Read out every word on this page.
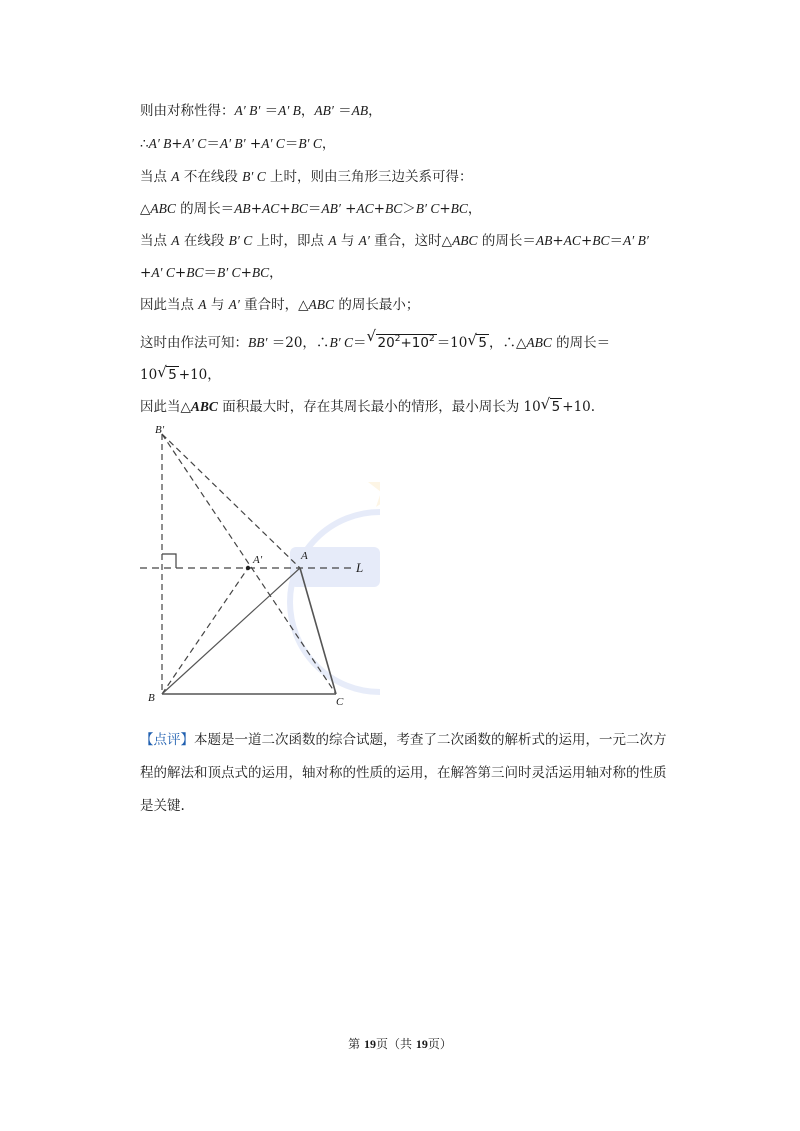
则由对称性得：A′ B′ ＝A′ B，AB′ ＝AB，
∴A′ B+A′ C＝A′ B′ +A′ C＝B′ C，
当点 A 不在线段 B′ C 上时，则由三角形三边关系可得：
△ABC 的周长＝AB+AC+BC＝AB′ +AC+BC＞B′ C+BC，
当点 A 在线段 B′ C 上时，即点 A 与 A′ 重合，这时△ABC 的周长＝AB+AC+BC＝A′ B′
+A′ C+BC＝B′ C+BC，
因此当点 A 与 A′ 重合时，△ABC 的周长最小；
这时由作法可知：BB′ ＝20，∴B′ C＝ √ $20^2+10^2 =10$ √ 5 ，∴△ABC 的周长＝
10 √ 5 +10，
因此当△ABC 面积最大时，存在其周长最小的情形，最小周长为 10 √ 5 +10.
B′
A′	A
L
B	C
【点评】本题是一道二次函数的综合试题，考查了二次函数的解析式的运用，一元二次方程的解法和顶点式的运用，轴对称的性质的运用，在解答第三问时灵活运用轴对称的性质是关键.
第 19页（共 19页）
